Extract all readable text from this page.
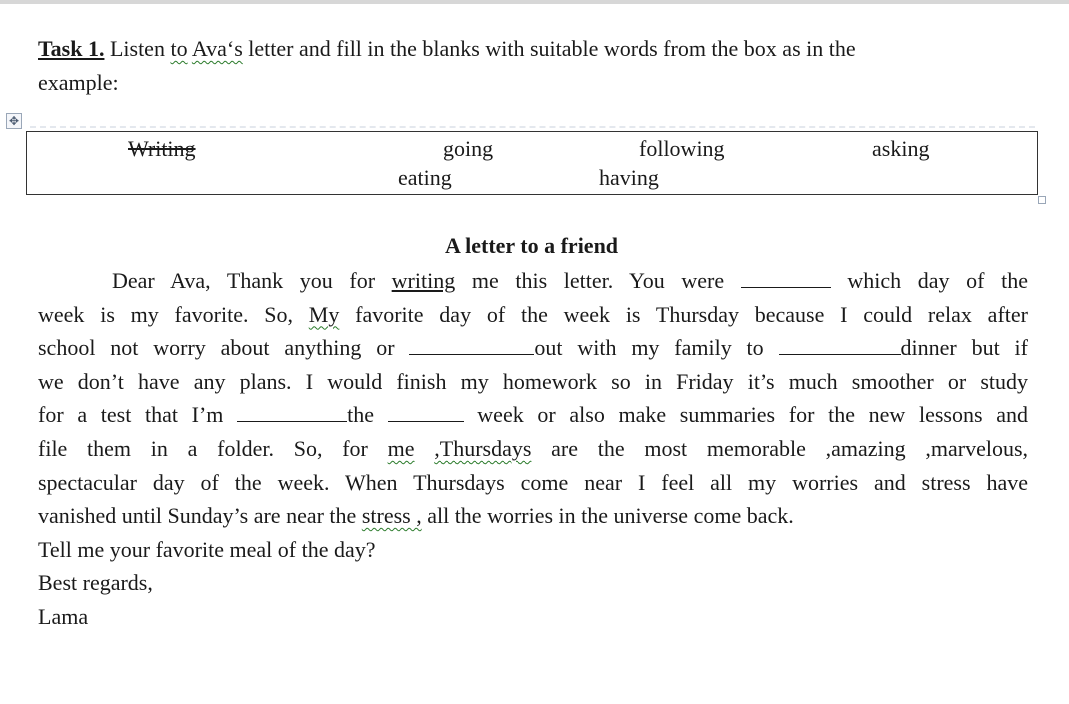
Task 1. Listen to Ava‘s letter and fill in the blanks with suitable words from the box as in the
example:
✥
Writing	going	following	asking
eating	having
A letter to a friend
Dear Ava, Thank you for writing me this letter. You were	which day of the
week is my favorite. So, My favorite day of the week is Thursday because I could relax after
school not worry about anything or	out with my family to	dinner but if
we don’t have any plans. I would finish my homework so in Friday it’s much smoother or study
for a test that I’m	the	week or also make summaries for the new lessons and
file them in a folder. So, for me ,Thursdays are the most memorable ,amazing ,marvelous,
spectacular day of the week. When Thursdays come near I feel all my worries and stress have
vanished until Sunday’s are near the stress , all the worries in the universe come back.
Tell me your favorite meal of the day?
Best regards,
Lama
